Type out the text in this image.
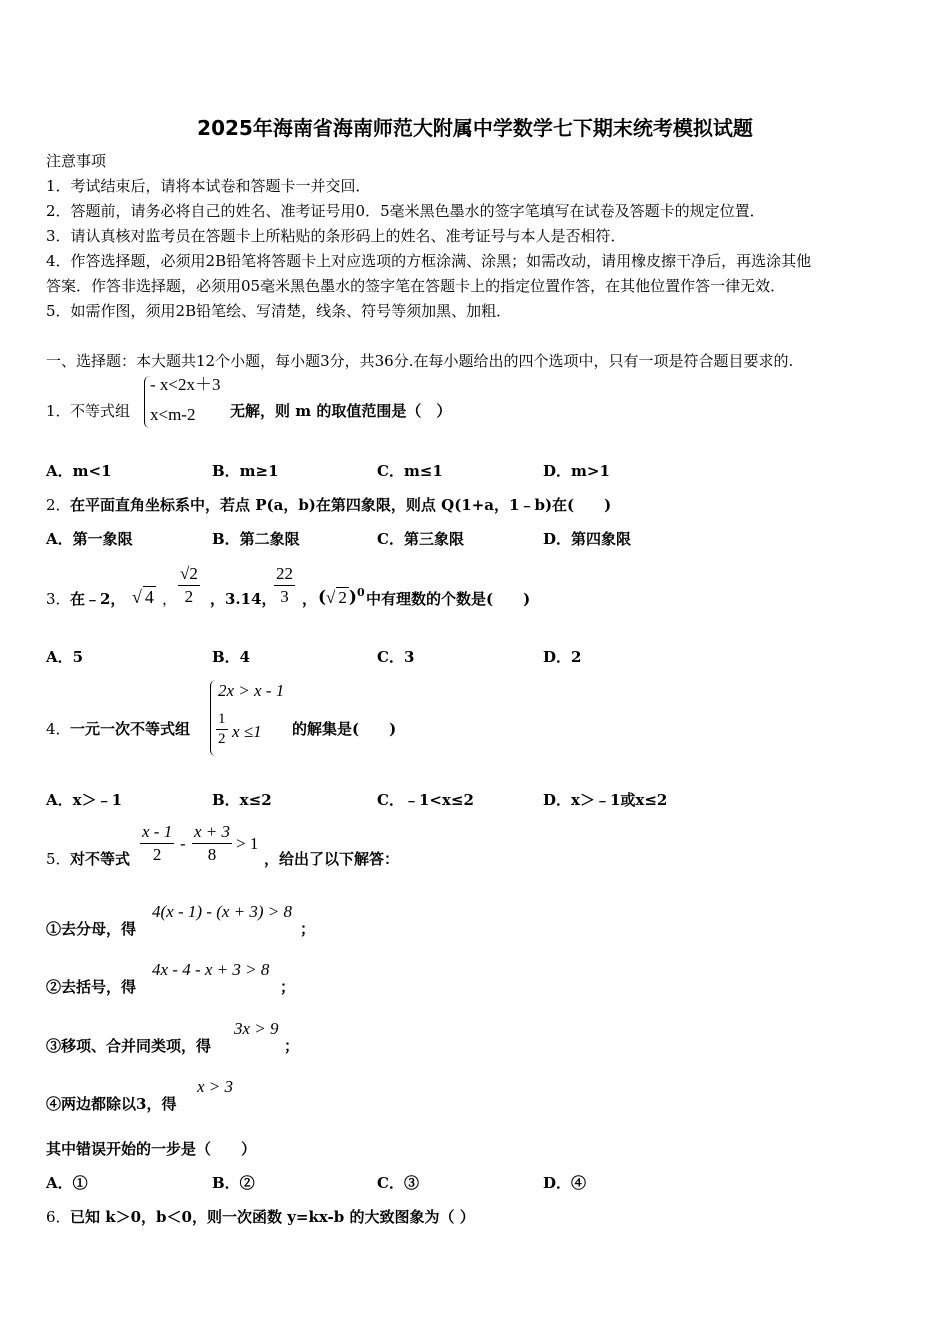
2025年海南省海南师范大附属中学数学七下期末统考模拟试题
注意事项
1．考试结束后，请将本试卷和答题卡一并交回．
2．答题前，请务必将自己的姓名、准考证号用0．5毫米黑色墨水的签字笔填写在试卷及答题卡的规定位置．
3．请认真核对监考员在答题卡上所粘贴的条形码上的姓名、准考证号与本人是否相符．
4．作答选择题，必须用2B铅笔将答题卡上对应选项的方框涂满、涂黑；如需改动，请用橡皮擦干净后，再选涂其他
答案．作答非选择题，必须用05毫米黑色墨水的签字笔在答题卡上的指定位置作答，在其他位置作答一律无效．
5．如需作图，须用2B铅笔绘、写清楚，线条、符号等须加黑、加粗．
一、选择题：本大题共12个小题，每小题3分，共36分.在每小题给出的四个选项中，只有一项是符合题目要求的.
1． 不等式组
- x<2x＋3
x<m-2 无解，则 m 的取值范围是（　）
A．m<1	B．m≥1	C．m≤1	D．m>1
2． 在平面直角坐标系中，若点 P(a，b)在第四象限，则点 Q(1+a，1﹣b)在(　　)
A．第一象限	B．第二象限	C．第三象限	D．第四象限
3． 在﹣2， √ 4 ， $\frac{√2}{2}$ ，3.14，
$\frac{22}{3}$ ， (√ 2 )$^0$ 中有理数的个数是(　　)
A．5	B．4	C．3	D．2
4． 一元一次不等式组
2x > x - 1
$\frac{1}{2}$ x ≤1 的解集是(　　)
A．x＞﹣1	B．x≤2	C．﹣1<x≤2	D．x＞﹣1或x≤2
5． 对不等式 $\frac{x - 1}{2} - \frac{x + 3}{8} > 1$
，给出了以下解答：
①去分母，得
4(x - 1) - (x + 3) > 8
；
②去括号，得
4x - 4 - x + 3 > 8
；
③移项、合并同类项，得
3x > 9
；
④两边都除以3，得
x > 3
其中错误开始的一步是（　　）
A．①	B．②	C．③	D．④
6． 已知 k＞0，b＜0，则一次函数 y=kx-b 的大致图象为（ ）
